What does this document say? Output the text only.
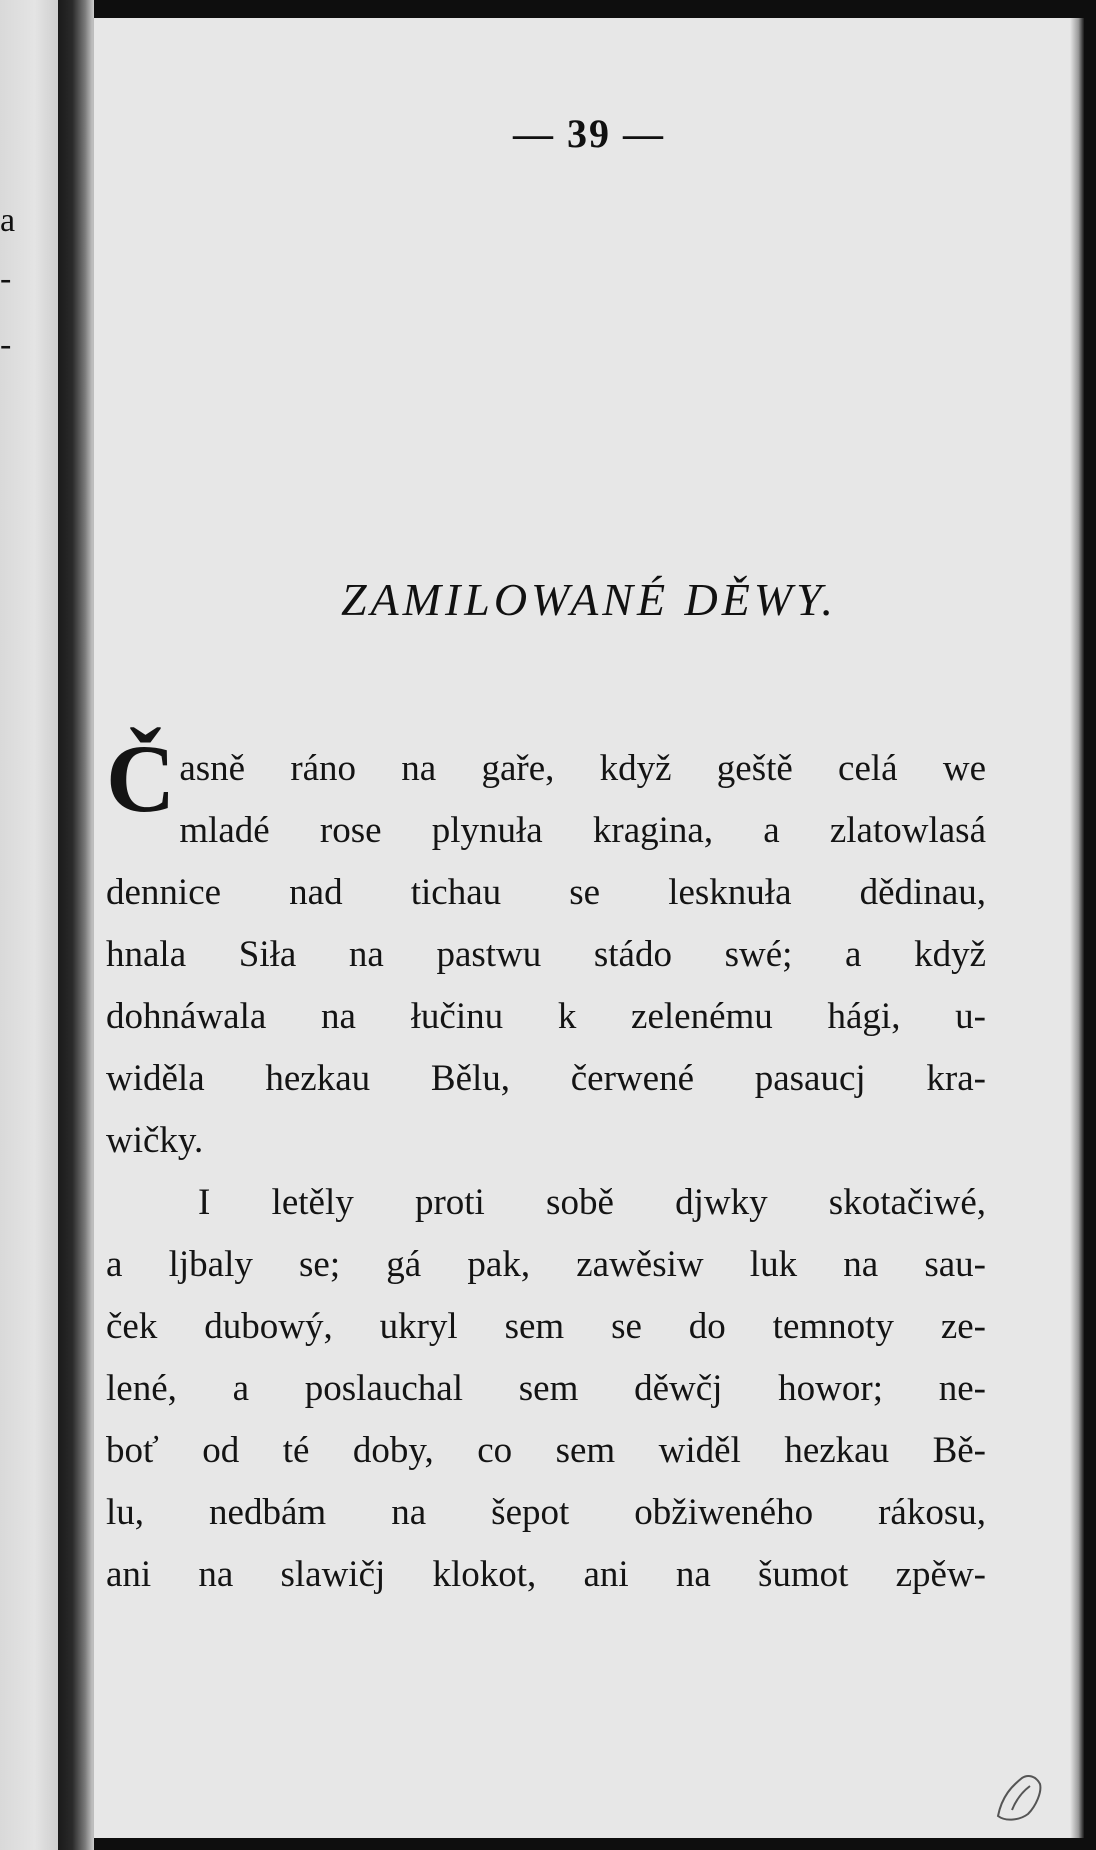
a
-
-
— 39 —
ZAMILOWANÉ DĚWY.
Č asně ráno na gaře, když geště celá we
mladé rose plynuła kragina, a zlatowlasá
dennice nad tichau se lesknuła dědinau,
hnala Siła na pastwu stádo swé; a když
dohnáwala na łučinu k zelenému hági, u-
widěla hezkau Bělu, čerwené pasaucj kra-
wičky.
I letěly proti sobě djwky skotačiwé,
a ljbaly se; gá pak, zawěsiw luk na sau-
ček dubowý, ukryl sem se do temnoty ze-
lené, a poslauchal sem děwčj howor; ne-
boť od té doby, co sem widěl hezkau Bě-
lu, nedbám na šepot obžiweného rákosu,
ani na slawičj klokot, ani na šumot zpěw-
